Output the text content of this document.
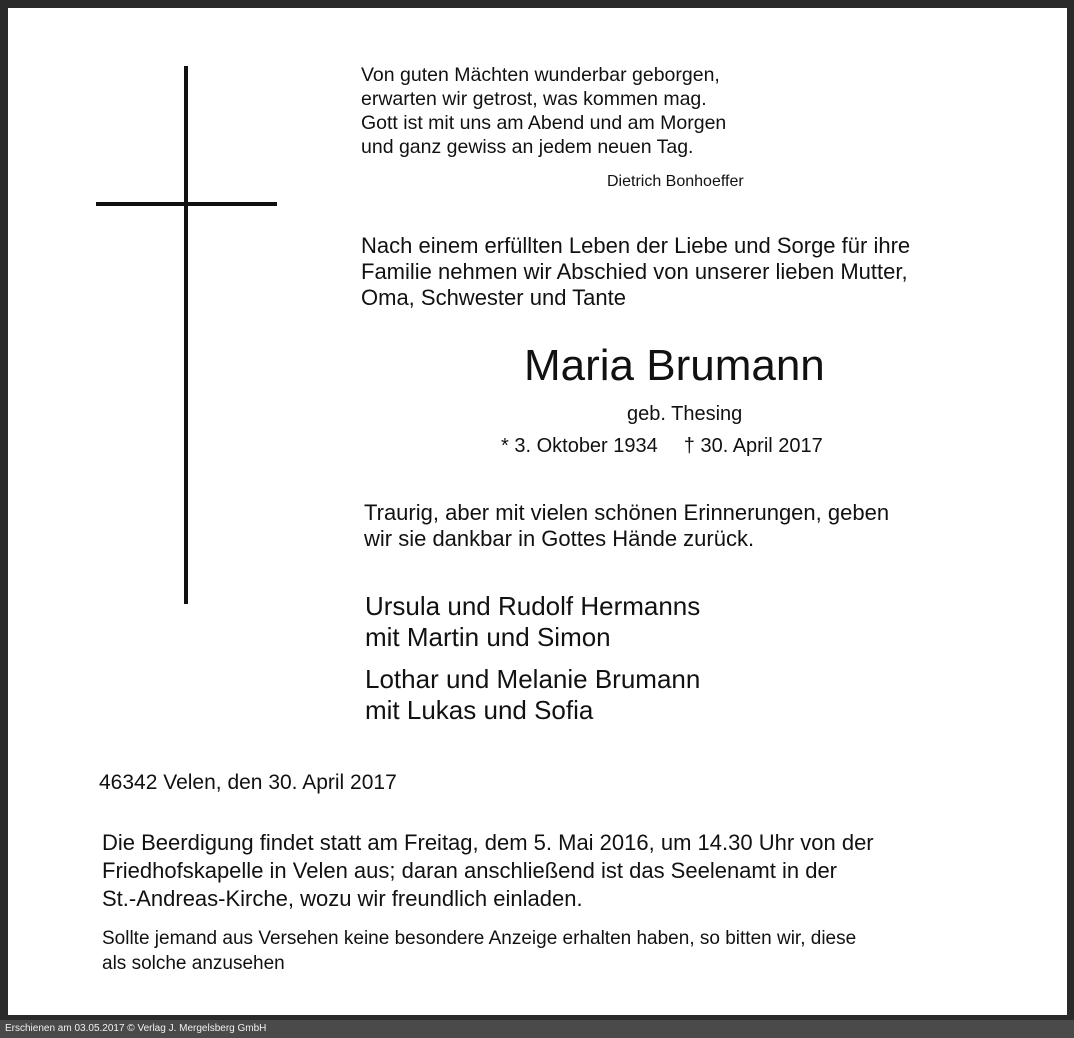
Von guten Mächten wunderbar geborgen,
erwarten wir getrost, was kommen mag.
Gott ist mit uns am Abend und am Morgen
und ganz gewiss an jedem neuen Tag.
Dietrich Bonhoeffer
Nach einem erfüllten Leben der Liebe und Sorge für ihre
Familie nehmen wir Abschied von unserer lieben Mutter,
Oma, Schwester und Tante
Maria Brumann
geb. Thesing
* 3. Oktober 1934 † 30. April 2017
Traurig, aber mit vielen schönen Erinnerungen, geben
wir sie dankbar in Gottes Hände zurück.
Ursula und Rudolf Hermanns
mit Martin und Simon
Lothar und Melanie Brumann
mit Lukas und Sofia
46342 Velen, den 30. April 2017
Die Beerdigung findet statt am Freitag, dem 5. Mai 2016, um 14.30 Uhr von der
Friedhofskapelle in Velen aus; daran anschließend ist das Seelenamt in der
St.-Andreas-Kirche, wozu wir freundlich einladen.
Sollte jemand aus Versehen keine besondere Anzeige erhalten haben, so bitten wir, diese
als solche anzusehen
Erschienen am 03.05.2017 © Verlag J. Mergelsberg GmbH
